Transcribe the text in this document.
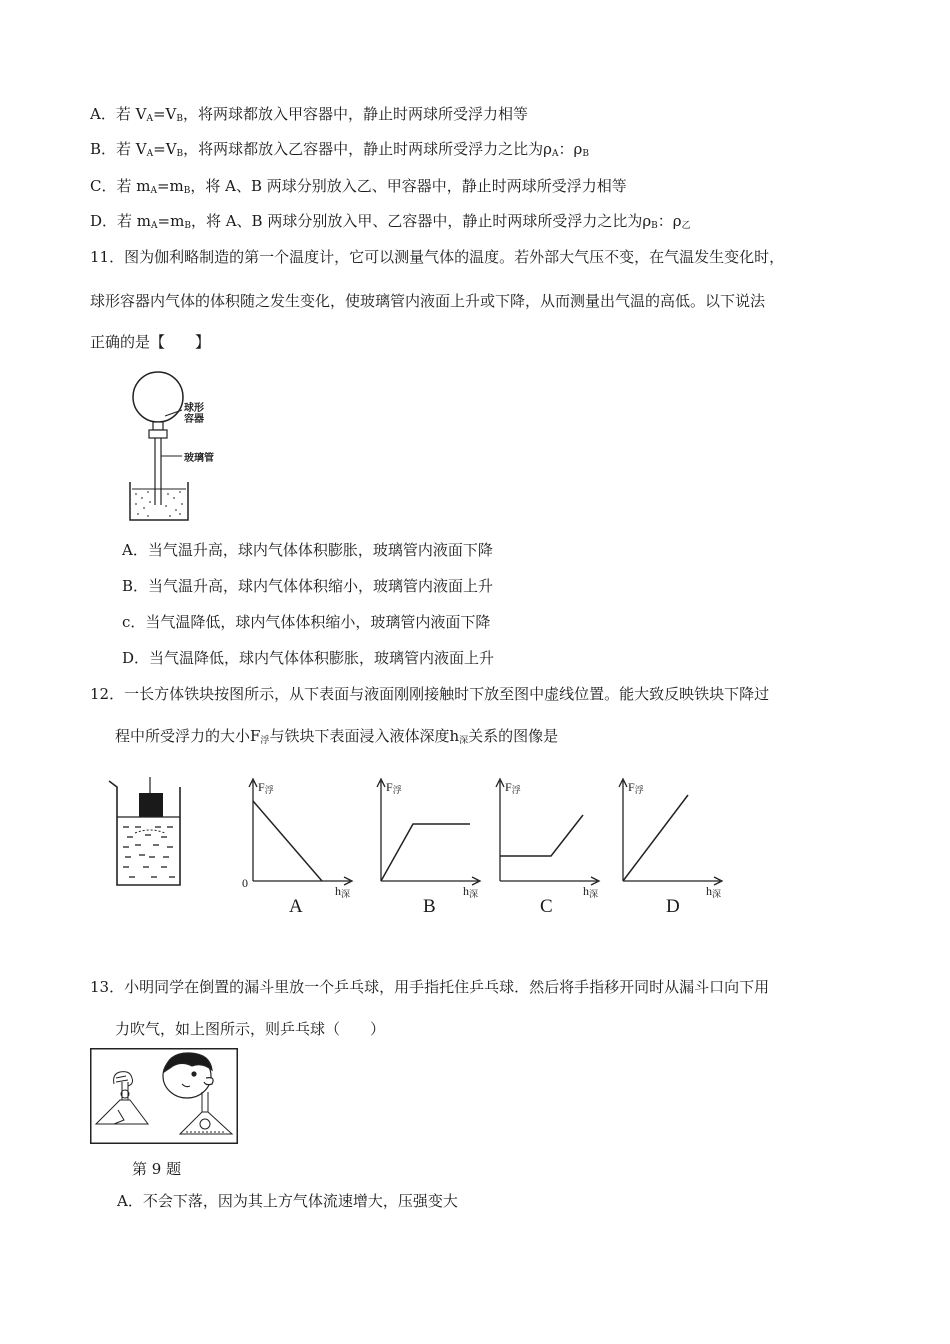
A．若 $V_A=V_B$，将两球都放入甲容器中，静止时两球所受浮力相等
B．若 $V_A=V_B$，将两球都放入乙容器中，静止时两球所受浮力之比为$\rho_A$：$\rho_B$
C．若 $m_A=m_B$，将 A、B 两球分别放入乙、甲容器中，静止时两球所受浮力相等
D．若 $m_A=m_B$，将 A、B 两球分别放入甲、乙容器中，静止时两球所受浮力之比为$\rho_B$：$\rho_乙$
11．图为伽利略制造的第一个温度计，它可以测量气体的温度。若外部大气压不变，在气温发生变化时，
球形容器内气体的体积随之发生变化，使玻璃管内液面上升或下降，从而测量出气温的高低。以下说法
正确的是【　　】
球形容器
玻璃管
A．当气温升高，球内气体体积膨胀，玻璃管内液面下降
B．当气温升高，球内气体体积缩小，玻璃管内液面上升
c．当气温降低，球内气体体积缩小，玻璃管内液面下降
D．当气温降低，球内气体体积膨胀，玻璃管内液面上升
12．一长方体铁块按图所示，从下表面与液面刚刚接触时下放至图中虚线位置。能大致反映铁块下降过
程中所受浮力的大小$F_浮$与铁块下表面浸入液体深度$h_深$关系的图像是
$F_浮$
$h_深$
0
A
$F_浮$
$h_深$
B
$F_浮$
$h_深$
C
$F_浮$
$h_深$
D
13．小明同学在倒置的漏斗里放一个乒乓球，用手指托住乒乓球．然后将手指移开同时从漏斗口向下用
力吹气，如上图所示，则乒乓球（　　）
第 9 题
A．不会下落，因为其上方气体流速增大，压强变大
